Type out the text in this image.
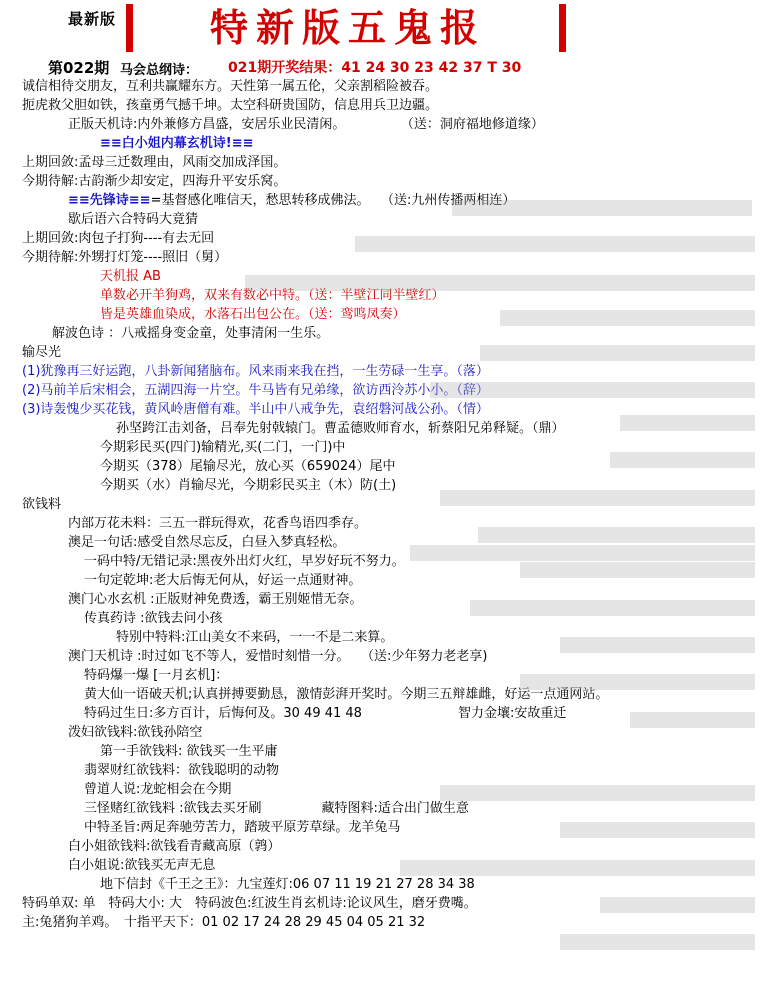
最新版	特新版五鬼报
第022期 马会总纲诗： 021期开奖结果：41 24 30 23 42 37 T 30
诚信相待交朋友，互利共赢耀东方。天性第一属五伦，父亲割稻险被吞。
扼虎救父胆如铁，孩童勇气撼千坤。太空科研贵国防，信息用兵卫边疆。
正版天机诗:内外兼修方昌盛，安居乐业民清闲。	（送：洞府福地修道缘）
≡≡白小姐内幕玄机诗!≡≡
上期回敛:孟母三迁数理由，风雨交加成泽国。
今期待解:古韵渐少却安定，四海升平安乐窝。
≡≡先锋诗≡≡=基督感化唯信天，愁思转移成佛法。 （送:九州传播两相连）
歇后语六合特码大竟猜
上期回敛:肉包子打狗----有去无回
今期待解:外甥打灯笼----照旧（舅）
天机报 AB
单数必开羊狗鸡，双来有数必中特。（送：半壁江同半壁红）
皆是英雄血染成，水落石出包公在。（送：鸾鸣凤奏）
解波色诗 ：八戒摇身变金童，处事清闲一生乐。
输尽光
(1)犹豫再三好运跑，八卦新闻猪脑布。风来雨来我在挡，一生劳碌一生享。（落）
(2)马前羊后宋相会，五湖四海一片空。牛马皆有兄弟缘，欲访西泠苏小小。（辞）
(3)诗轰愧少买花钱，黄风岭唐僧有难。半山中八戒争先，袁绍磐河战公孙。（情）
孙坚跨江击刘备，吕奉先射戟辕门。曹孟德败师育水，斩蔡阳兄弟释疑。（鼎）
今期彩民买(四门)输精光,买(二门，一门)中
今期买（378）尾输尽光，放心买（659024）尾中
今期买（水）肖输尽光，今期彩民买主（木）防(土)
欲钱料
内部万花未料：三五一群玩得欢，花香鸟语四季存。
澳足一句话:感受自然尽忘反，白昼入梦真轻松。
一码中特/无错记录:黑夜外出灯火红，早岁好玩不努力。
一句定乾坤:老大后悔无何从，好运一点通财神。
澳门心水玄机 :正版财神免费透，霸王别姬惜无奈。
传真药诗 :欲钱去问小孩
特别中特料:江山美女不来码，一一不是二来算。
澳门天机诗 :时过如飞不等人，爱惜时刻惜一分。 （送:少年努力老老享)
特码爆一爆 [一月玄机]：
黄大仙一语破天机;认真拼搏要勤恳，激情彭湃开奖时。今期三五辩雄雌，好运一点通网站。
特码过生日:多方百计，后悔何及。30 49 41 48	智力金壤:安故重迁
泼妇欲钱料:欲钱孙陪空
第一手欲钱料: 欲钱买一生平庸
翡翠财红欲钱料：欲钱聪明的动物
曾道人说:龙蛇相会在今期
三怪赌红欲钱料 :欲钱去买牙刷	藏特图料:适合出门做生意
中特圣旨:两足奔驰劳苦力，踏玻平原芳草绿。龙羊兔马
白小姐欲钱料:欲钱看青藏高原（鹑）
白小姐说:欲钱买无声无息
地下信封《千王之王》：九宝莲灯:06 07 11 19 21 27 28 34 38
特码单双: 单　特码大小: 大　特码波色:红波生肖玄机诗:论议风生，磨牙费嘴。
主:兔猪狗羊鸡。　十指平天下：01 02 17 24 28 29 45 04 05 21 32
